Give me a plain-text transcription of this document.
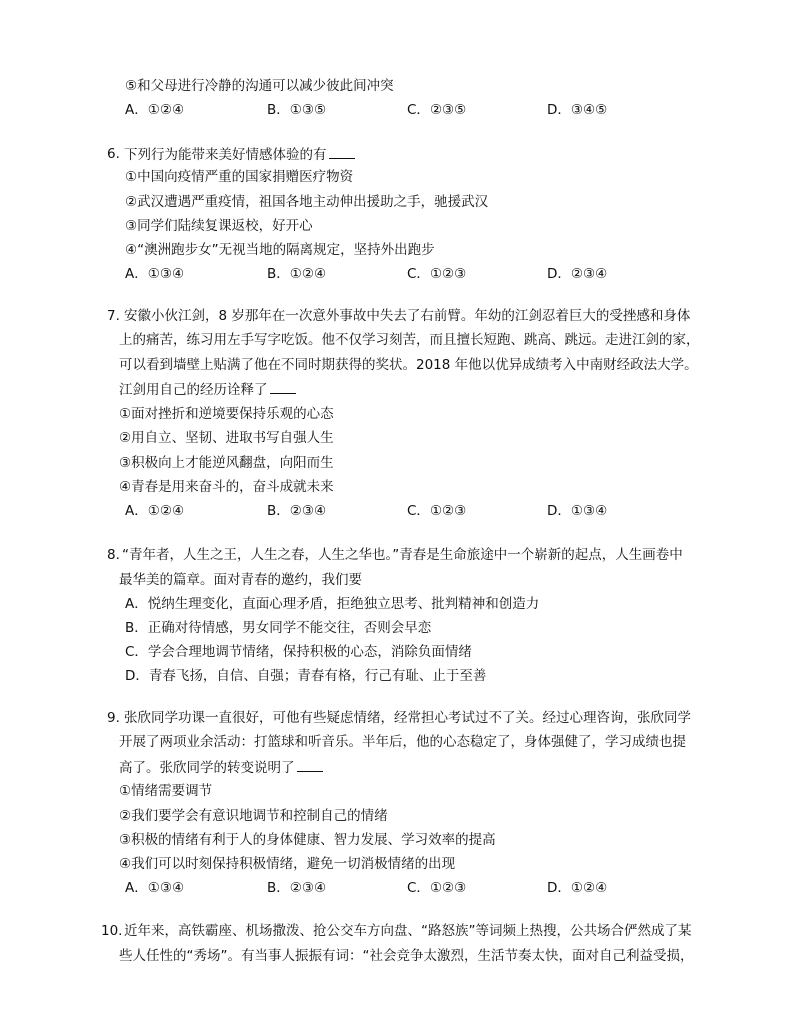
⑤和父母进行冷静的沟通可以减少彼此间冲突
A．①②④	B．①③⑤	C．②③⑤	D．③④⑤
6. 下列行为能带来美好情感体验的有
①中国向疫情严重的国家捐赠医疗物资
②武汉遭遇严重疫情，祖国各地主动伸出援助之手，驰援武汉
③同学们陆续复课返校，好开心
④“澳洲跑步女”无视当地的隔离规定，坚持外出跑步
A．①③④	B．①②④	C．①②③	D．②③④
7. 安徽小伙江剑，8 岁那年在一次意外事故中失去了右前臂。年幼的江剑忍着巨大的受挫感和身体
上的痛苦，练习用左手写字吃饭。他不仅学习刻苦，而且擅长短跑、跳高、跳远。走进江剑的家，
可以看到墙壁上贴满了他在不同时期获得的奖状。2018 年他以优异成绩考入中南财经政法大学。
江剑用自己的经历诠释了
①面对挫折和逆境要保持乐观的心态
②用自立、坚韧、进取书写自强人生
③积极向上才能逆风翻盘，向阳而生
④青春是用来奋斗的，奋斗成就未来
A．①②④	B．②③④	C．①②③	D．①③④
8. “青年者，人生之王，人生之春，人生之华也。”青春是生命旅途中一个崭新的起点，人生画卷中
最华美的篇章。面对青春的邀约，我们要
A．悦纳生理变化，直面心理矛盾，拒绝独立思考、批判精神和创造力
B．正确对待情感，男女同学不能交往，否则会早恋
C．学会合理地调节情绪，保持积极的心态，消除负面情绪
D．青春飞扬，自信、自强；青春有格，行己有耻、止于至善
9. 张欣同学功课一直很好，可他有些疑虑情绪，经常担心考试过不了关。经过心理咨询，张欣同学
开展了两项业余活动：打篮球和听音乐。半年后，他的心态稳定了，身体强健了，学习成绩也提
高了。张欣同学的转变说明了
①情绪需要调节
②我们要学会有意识地调节和控制自己的情绪
③积极的情绪有利于人的身体健康、智力发展、学习效率的提高
④我们可以时刻保持积极情绪，避免一切消极情绪的出现
A．①③④	B．②③④	C．①②③	D．①②④
10. 近年来，高铁霸座、机场撒泼、抢公交车方向盘、“路怒族”等词频上热搜，公共场合俨然成了某
些人任性的“秀场”。有当事人振振有词：“社会竞争太激烈，生活节奏太快，面对自己利益受损，
